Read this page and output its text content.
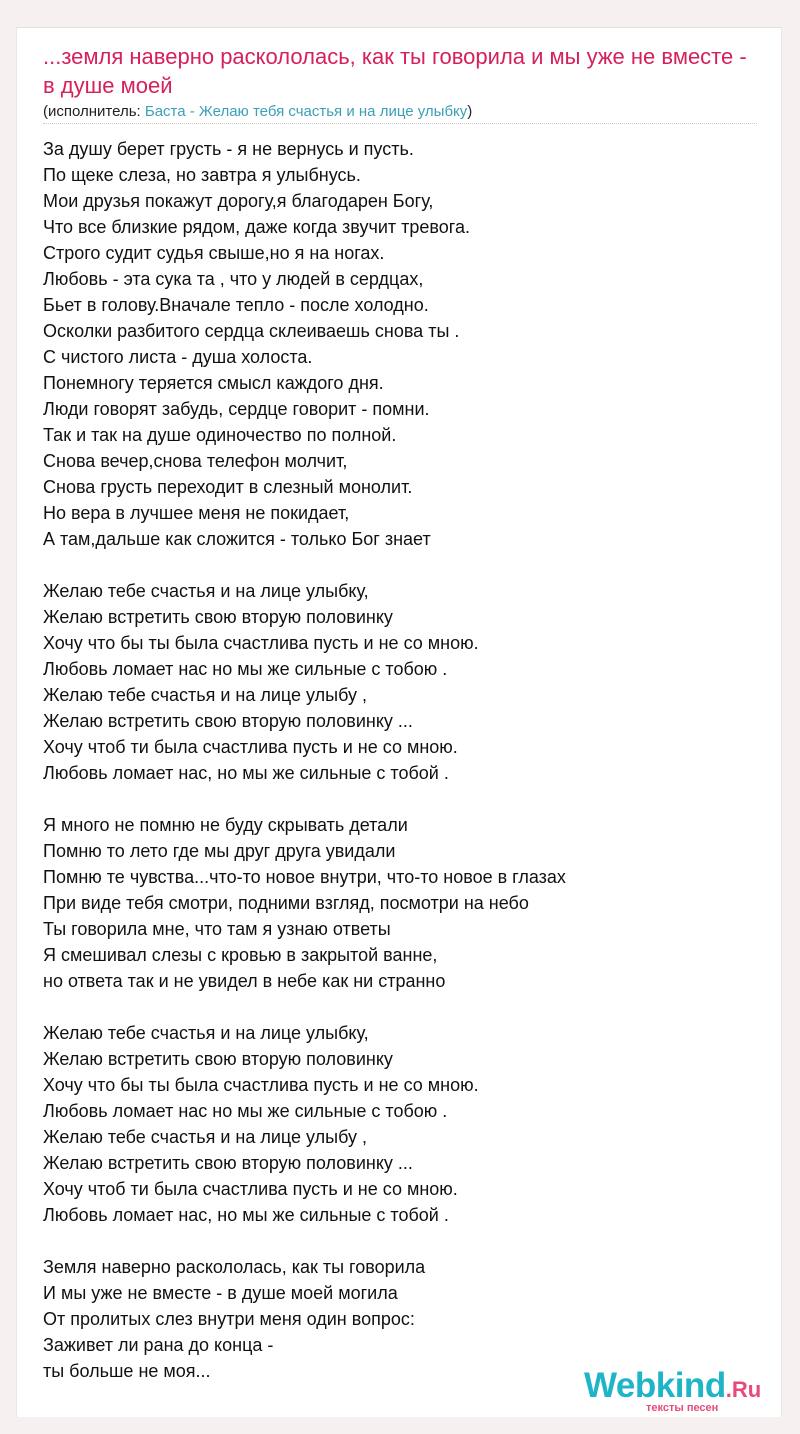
...земля наверно раскололась, как ты говорила и мы уже не вместе - в душе моей

(исполнитель: Баста - Желаю тебя счастья и на лице улыбку)

За душу берет грусть - я не вернусь и пусть.
По щеке слеза, но завтра я улыбнусь.
Мои друзья покажут дорогу,я благодарен Богу,
Что все близкие рядом, даже когда звучит тревога.
Строго судит судья свыше,но я на ногах.
Любовь - эта сука та , что у людей в сердцах,
Бьет в голову.Вначале тепло - после холодно.
Осколки разбитого сердца склеиваешь снова ты .
С чистого листа - душа холоста.
Понемногу теряется смысл каждого дня.
Люди говорят забудь, сердце говорит - помни.
Так и так на душе одиночество по полной.
Снова вечер,снова телефон молчит,
Снова грусть переходит в слезный монолит.
Но вера в лучшее меня не покидает,
А там,дальше как сложится - только Бог знает
Желаю тебе счастья и на лице улыбку,
Желаю встретить свою вторую половинку
Хочу что бы ты была счастлива пусть и не со мною.
Любовь ломает нас но мы же сильные с тобою .
Желаю тебе счастья и на лице улыбу ,
Желаю встретить свою вторую половинку ...
Хочу чтоб ти была счастлива пусть и не со мною.
Любовь ломает нас, но мы же сильные с тобой .
Я много не помню не буду скрывать детали
Помню то лето где мы друг друга увидали
Помню те чувства...что-то новое внутри, что-то новое в глазах
При виде тебя смотри, подними взгляд, посмотри на небо
Ты говорила мне, что там я узнаю ответы
Я смешивал слезы с кровью в закрытой ванне,
но ответа так и не увидел в небе как ни странно
Желаю тебе счастья и на лице улыбку,
Желаю встретить свою вторую половинку
Хочу что бы ты была счастлива пусть и не со мною.
Любовь ломает нас но мы же сильные с тобою .
Желаю тебе счастья и на лице улыбу ,
Желаю встретить свою вторую половинку ...
Хочу чтоб ти была счастлива пусть и не со мною.
Любовь ломает нас, но мы же сильные с тобой .
Земля наверно раскололась, как ты говорила
И мы уже не вместе - в душе моей могила
От пролитых слез внутри меня один вопрос:
Заживет ли рана до конца -
ты больше не моя...	Webkind.Ru
тексты песен
